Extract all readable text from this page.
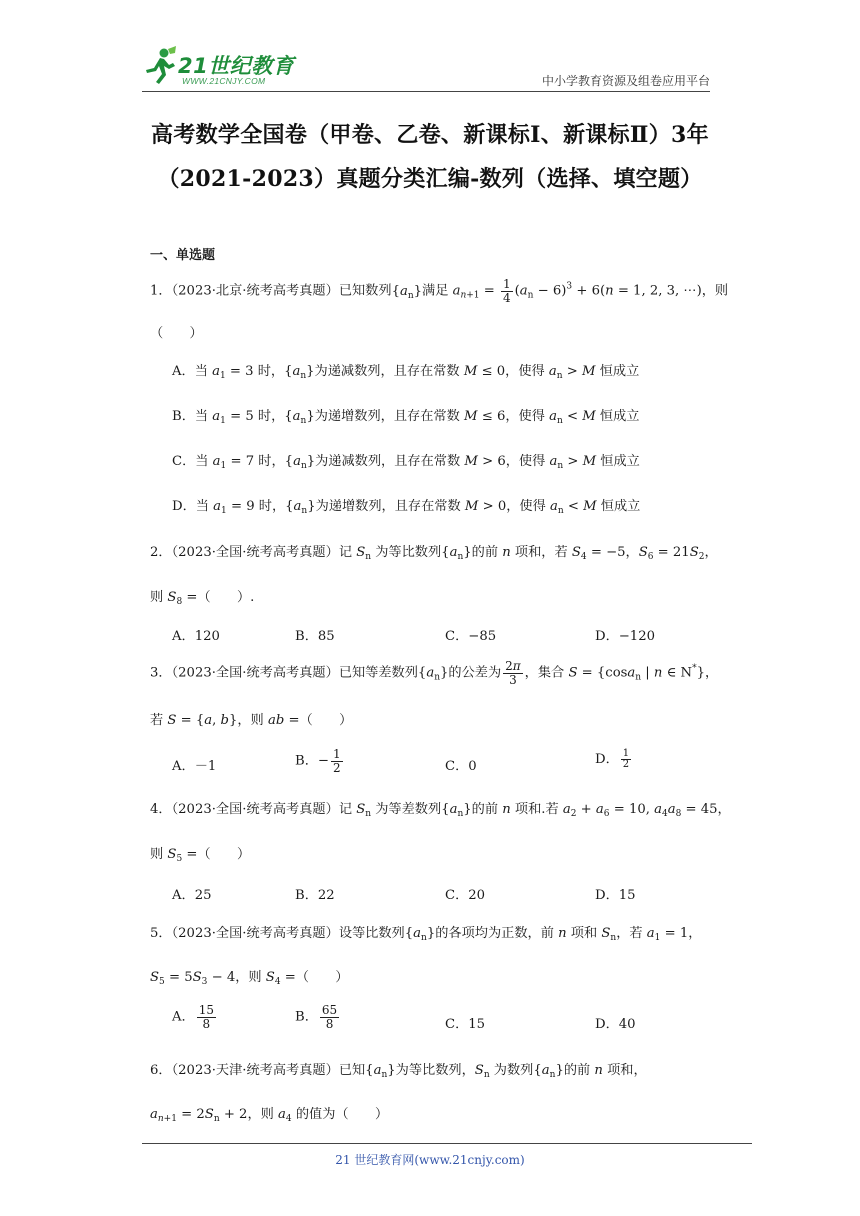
21世纪教育
WWW.21CNJY.COM	中小学教育资源及组卷应用平台
高考数学全国卷（甲卷、乙卷、新课标Ⅰ、新课标Ⅱ）3年
（2021-2023）真题分类汇编-数列（选择、填空题）
一、单选题
1．（2023·北京·统考高考真题）已知数列$\{a_n\}$满足 $a_{n+1} = \frac{1}{4} (a_n - 6)^3 + 6(n = 1$, 2, 3, ⋯)，则
（　　）
A．当 $a_1 = 3$ 时，$\{a_n\}$为递减数列，且存在常数 M ≤ 0，使得 $a_n > M$ 恒成立
B．当 $a_1 = 5$ 时，$\{a_n\}$为递增数列，且存在常数 M ≤ 6，使得 $a_n < M$ 恒成立
C．当 $a_1 = 7$ 时，$\{a_n\}$为递减数列，且存在常数 M > 6，使得 $a_n > M$ 恒成立
D．当 $a_1 = 9$ 时，$\{a_n\}$为递增数列，且存在常数 M > 0，使得 $a_n < M$ 恒成立
2．（2023·全国·统考高考真题）记 $S_n$ 为等比数列$\{a_n\}$的前 n 项和，若 $S_4 = -5$，$S_6 = 21S_2$，
则 $S_8$ =（　　）.
A．120	B．85	C．−85	D．−120
3．（2023·全国·统考高考真题）已知等差数列$\{a_n\}$的公差为 $\frac{2\pi}{3}$ ，集合 S = {cosa$_n$ | n ∈ N*}，
若 S = {a, b}，则 ab =（　　）
A．－1	B．− $\frac{1}{2}$	C．0	D． $\frac{1}{2}$
4．（2023·全国·统考高考真题）记 $S_n$ 为等差数列$\{a_n\}$的前 n 项和.若 $a_2 + a_6 = 10$, $a_4a_8 = 45$，
则 $S_5$ =（　　）
A．25	B．22	C．20	D．15
5．（2023·全国·统考高考真题）设等比数列$\{a_n\}$的各项均为正数，前 n 项和 $S_n$，若 $a_1 = 1$，
$S_5 = 5S_3 - 4$，则 $S_4$ =（　　）
A． $\frac{15}{8}$	B． $\frac{65}{8}$	C．15	D．40
6．（2023·天津·统考高考真题）已知$\{a_n\}$为等比数列，$S_n$ 为数列$\{a_n\}$的前 n 项和，
$a_{n+1} = 2S_n + 2$，则 $a_4$ 的值为（　　）
21 世纪教育网(www.21cnjy.com)
